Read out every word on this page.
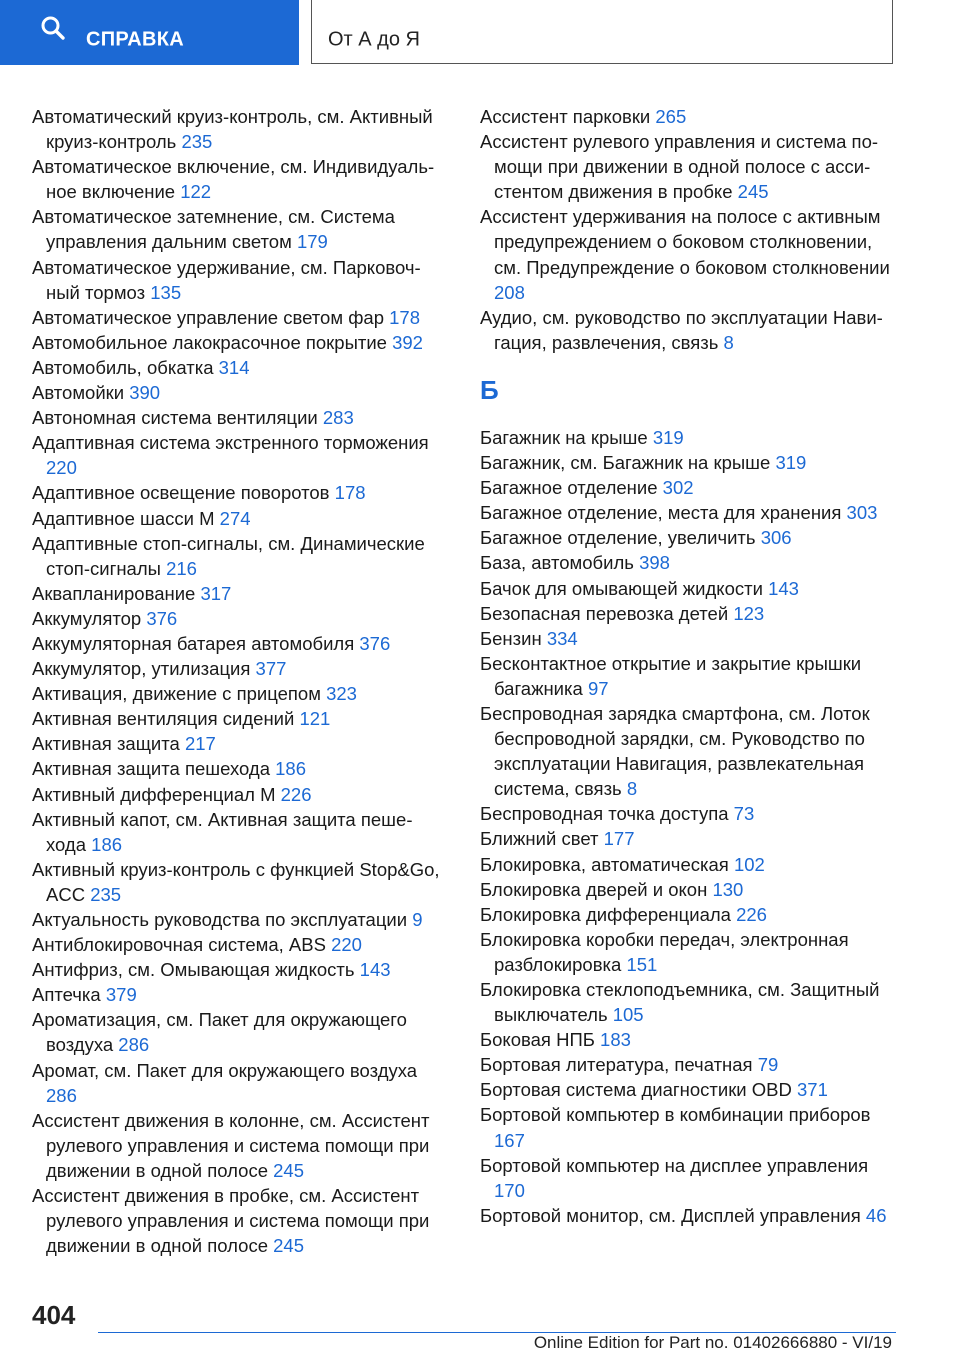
СПРАВКА	От А до Я
Автоматический круиз-контроль, см. Активный круиз-контроль 235
Автоматическое включение, см. Индивидуальное включение 122
Автоматическое затемнение, см. Система управления дальним светом 179
Автоматическое удерживание, см. Парковочный тормоз 135
Автоматическое управление светом фар 178
Автомобильное лакокрасочное покрытие 392
Автомобиль, обкатка 314
Автомойки 390
Автономная система вентиляции 283
Адаптивная система экстренного торможения 220
Адаптивное освещение поворотов 178
Адаптивное шасси M 274
Адаптивные стоп-сигналы, см. Динамические стоп-сигналы 216
Аквапланирование 317
Аккумулятор 376
Аккумуляторная батарея автомобиля 376
Аккумулятор, утилизация 377
Активация, движение с прицепом 323
Активная вентиляция сидений 121
Активная защита 217
Активная защита пешехода 186
Активный дифференциал M 226
Активный капот, см. Активная защита пешехода 186
Активный круиз-контроль с функцией Stop&Go, ACC 235
Актуальность руководства по эксплуатации 9
Антиблокировочная система, ABS 220
Антифриз, см. Омывающая жидкость 143
Аптечка 379
Ароматизация, см. Пакет для окружающего воздуха 286
Аромат, см. Пакет для окружающего воздуха 286
Ассистент движения в колонне, см. Ассистент рулевого управления и система помощи при движении в одной полосе 245
Ассистент движения в пробке, см. Ассистент рулевого управления и система помощи при движении в одной полосе 245
Ассистент парковки 265
Ассистент рулевого управления и система помощи при движении в одной полосе с ассистентом движения в пробке 245
Ассистент удерживания на полосе с активным предупреждением о боковом столкновении, см. Предупреждение о боковом столкновении 208
Аудио, см. руководство по эксплуатации Навигация, развлечения, связь 8
Б
Багажник на крыше 319
Багажник, см. Багажник на крыше 319
Багажное отделение 302
Багажное отделение, места для хранения 303
Багажное отделение, увеличить 306
База, автомобиль 398
Бачок для омывающей жидкости 143
Безопасная перевозка детей 123
Бензин 334
Бесконтактное открытие и закрытие крышки багажника 97
Беспроводная зарядка смартфона, см. Лоток беспроводной зарядки, см. Руководство по эксплуатации Навигация, развлекательная система, связь 8
Беспроводная точка доступа 73
Ближний свет 177
Блокировка, автоматическая 102
Блокировка дверей и окон 130
Блокировка дифференциала 226
Блокировка коробки передач, электронная разблокировка 151
Блокировка стеклоподъемника, см. Защитный выключатель 105
Боковая НПБ 183
Бортовая литература, печатная 79
Бортовая система диагностики OBD 371
Бортовой компьютер в комбинации приборов 167
Бортовой компьютер на дисплее управления 170
Бортовой монитор, см. Дисплей управления 46
404
Online Edition for Part no. 01402666880 - VI/19
